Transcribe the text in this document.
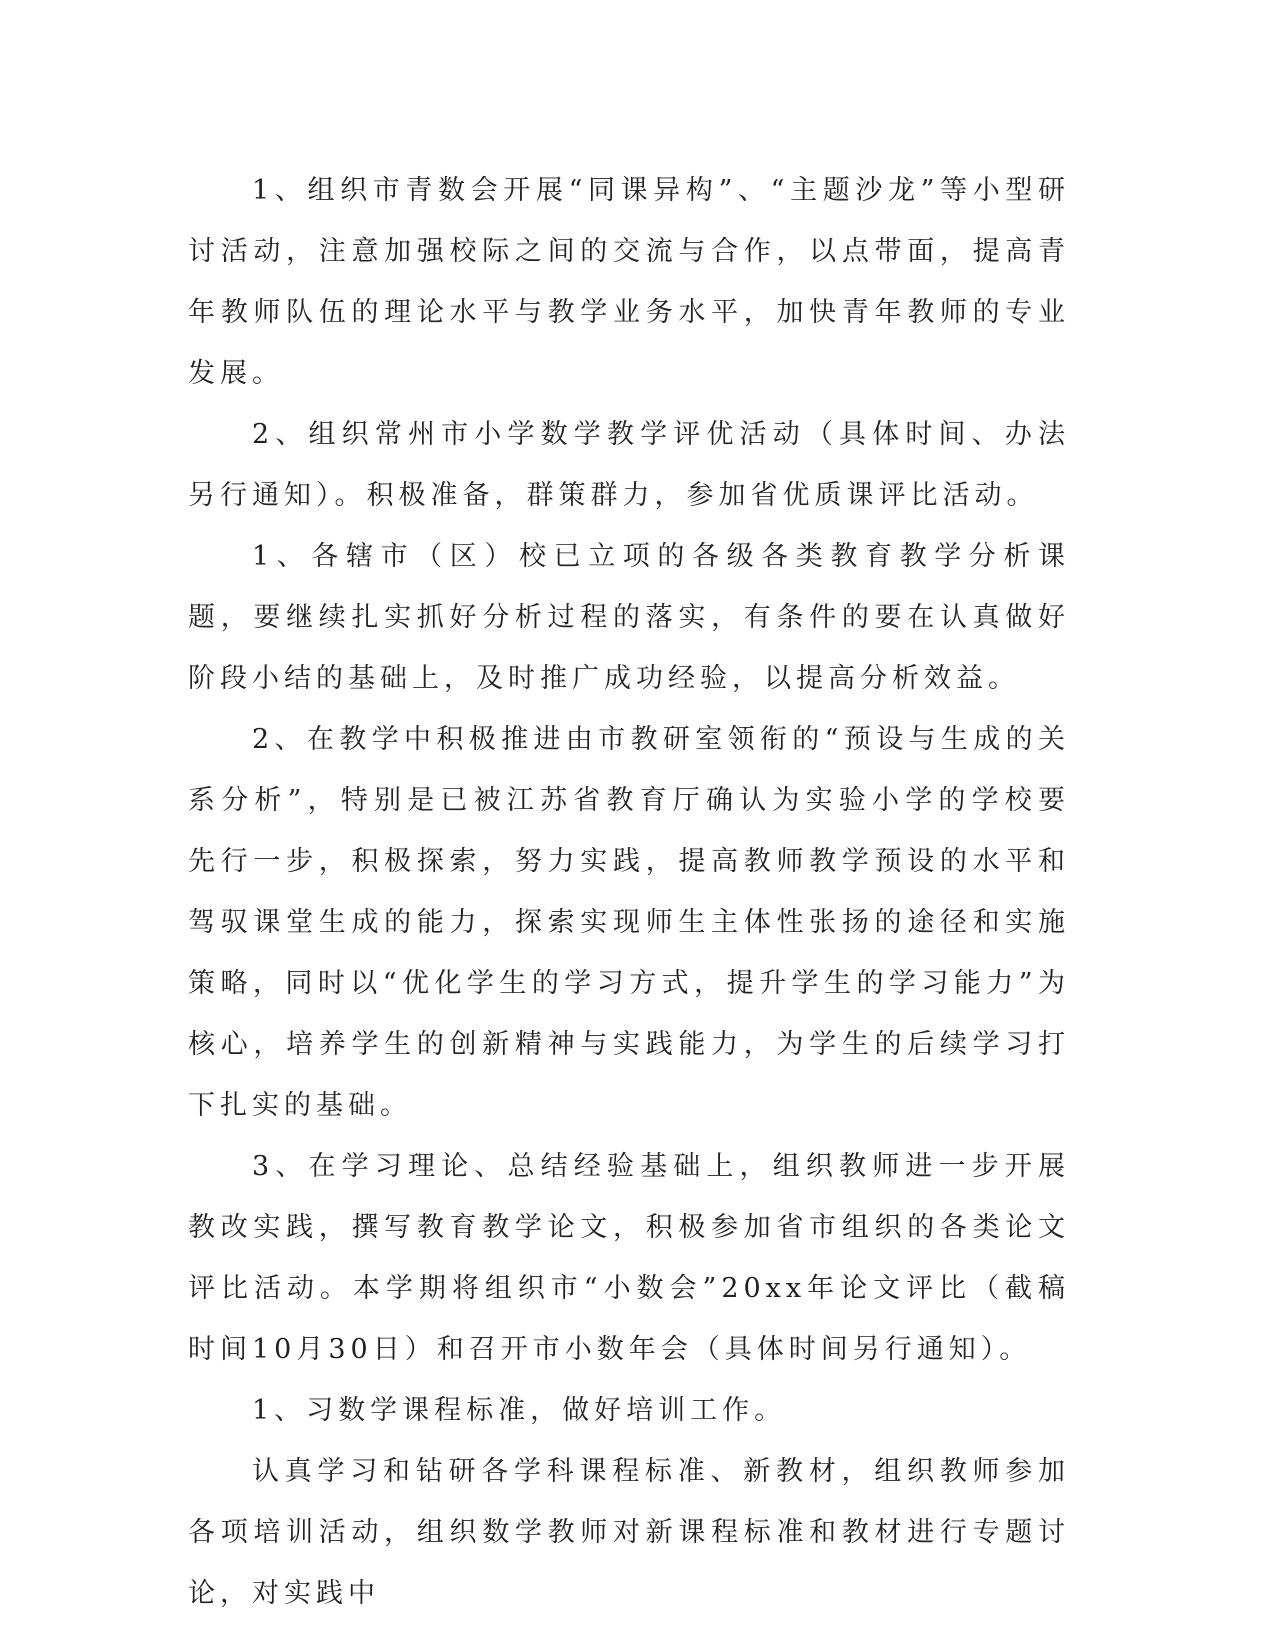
1、组织市青数会开展“同课异构”、“主题沙龙”等小型研讨活动，注意加强校际之间的交流与合作，以点带面，提高青年教师队伍的理论水平与教学业务水平，加快青年教师的专业发展。

2、组织常州市小学数学教学评优活动（具体时间、办法另行通知）。积极准备，群策群力，参加省优质课评比活动。

1、各辖市（区）校已立项的各级各类教育教学分析课题，要继续扎实抓好分析过程的落实，有条件的要在认真做好阶段小结的基础上，及时推广成功经验，以提高分析效益。

2、在教学中积极推进由市教研室领衔的“预设与生成的关系分析”，特别是已被江苏省教育厅确认为实验小学的学校要先行一步，积极探索，努力实践，提高教师教学预设的水平和驾驭课堂生成的能力，探索实现师生主体性张扬的途径和实施策略，同时以“优化学生的学习方式，提升学生的学习能力”为核心，培养学生的创新精神与实践能力，为学生的后续学习打下扎实的基础。

3、在学习理论、总结经验基础上，组织教师进一步开展教改实践，撰写教育教学论文，积极参加省市组织的各类论文评比活动。本学期将组织市“小数会”20xx年论文评比（截稿时间10月30日）和召开市小数年会（具体时间另行通知）。

1、习数学课程标准，做好培训工作。

认真学习和钻研各学科课程标准、新教材，组织教师参加各项培训活动，组织数学教师对新课程标准和教材进行专题讨论，对实践中
